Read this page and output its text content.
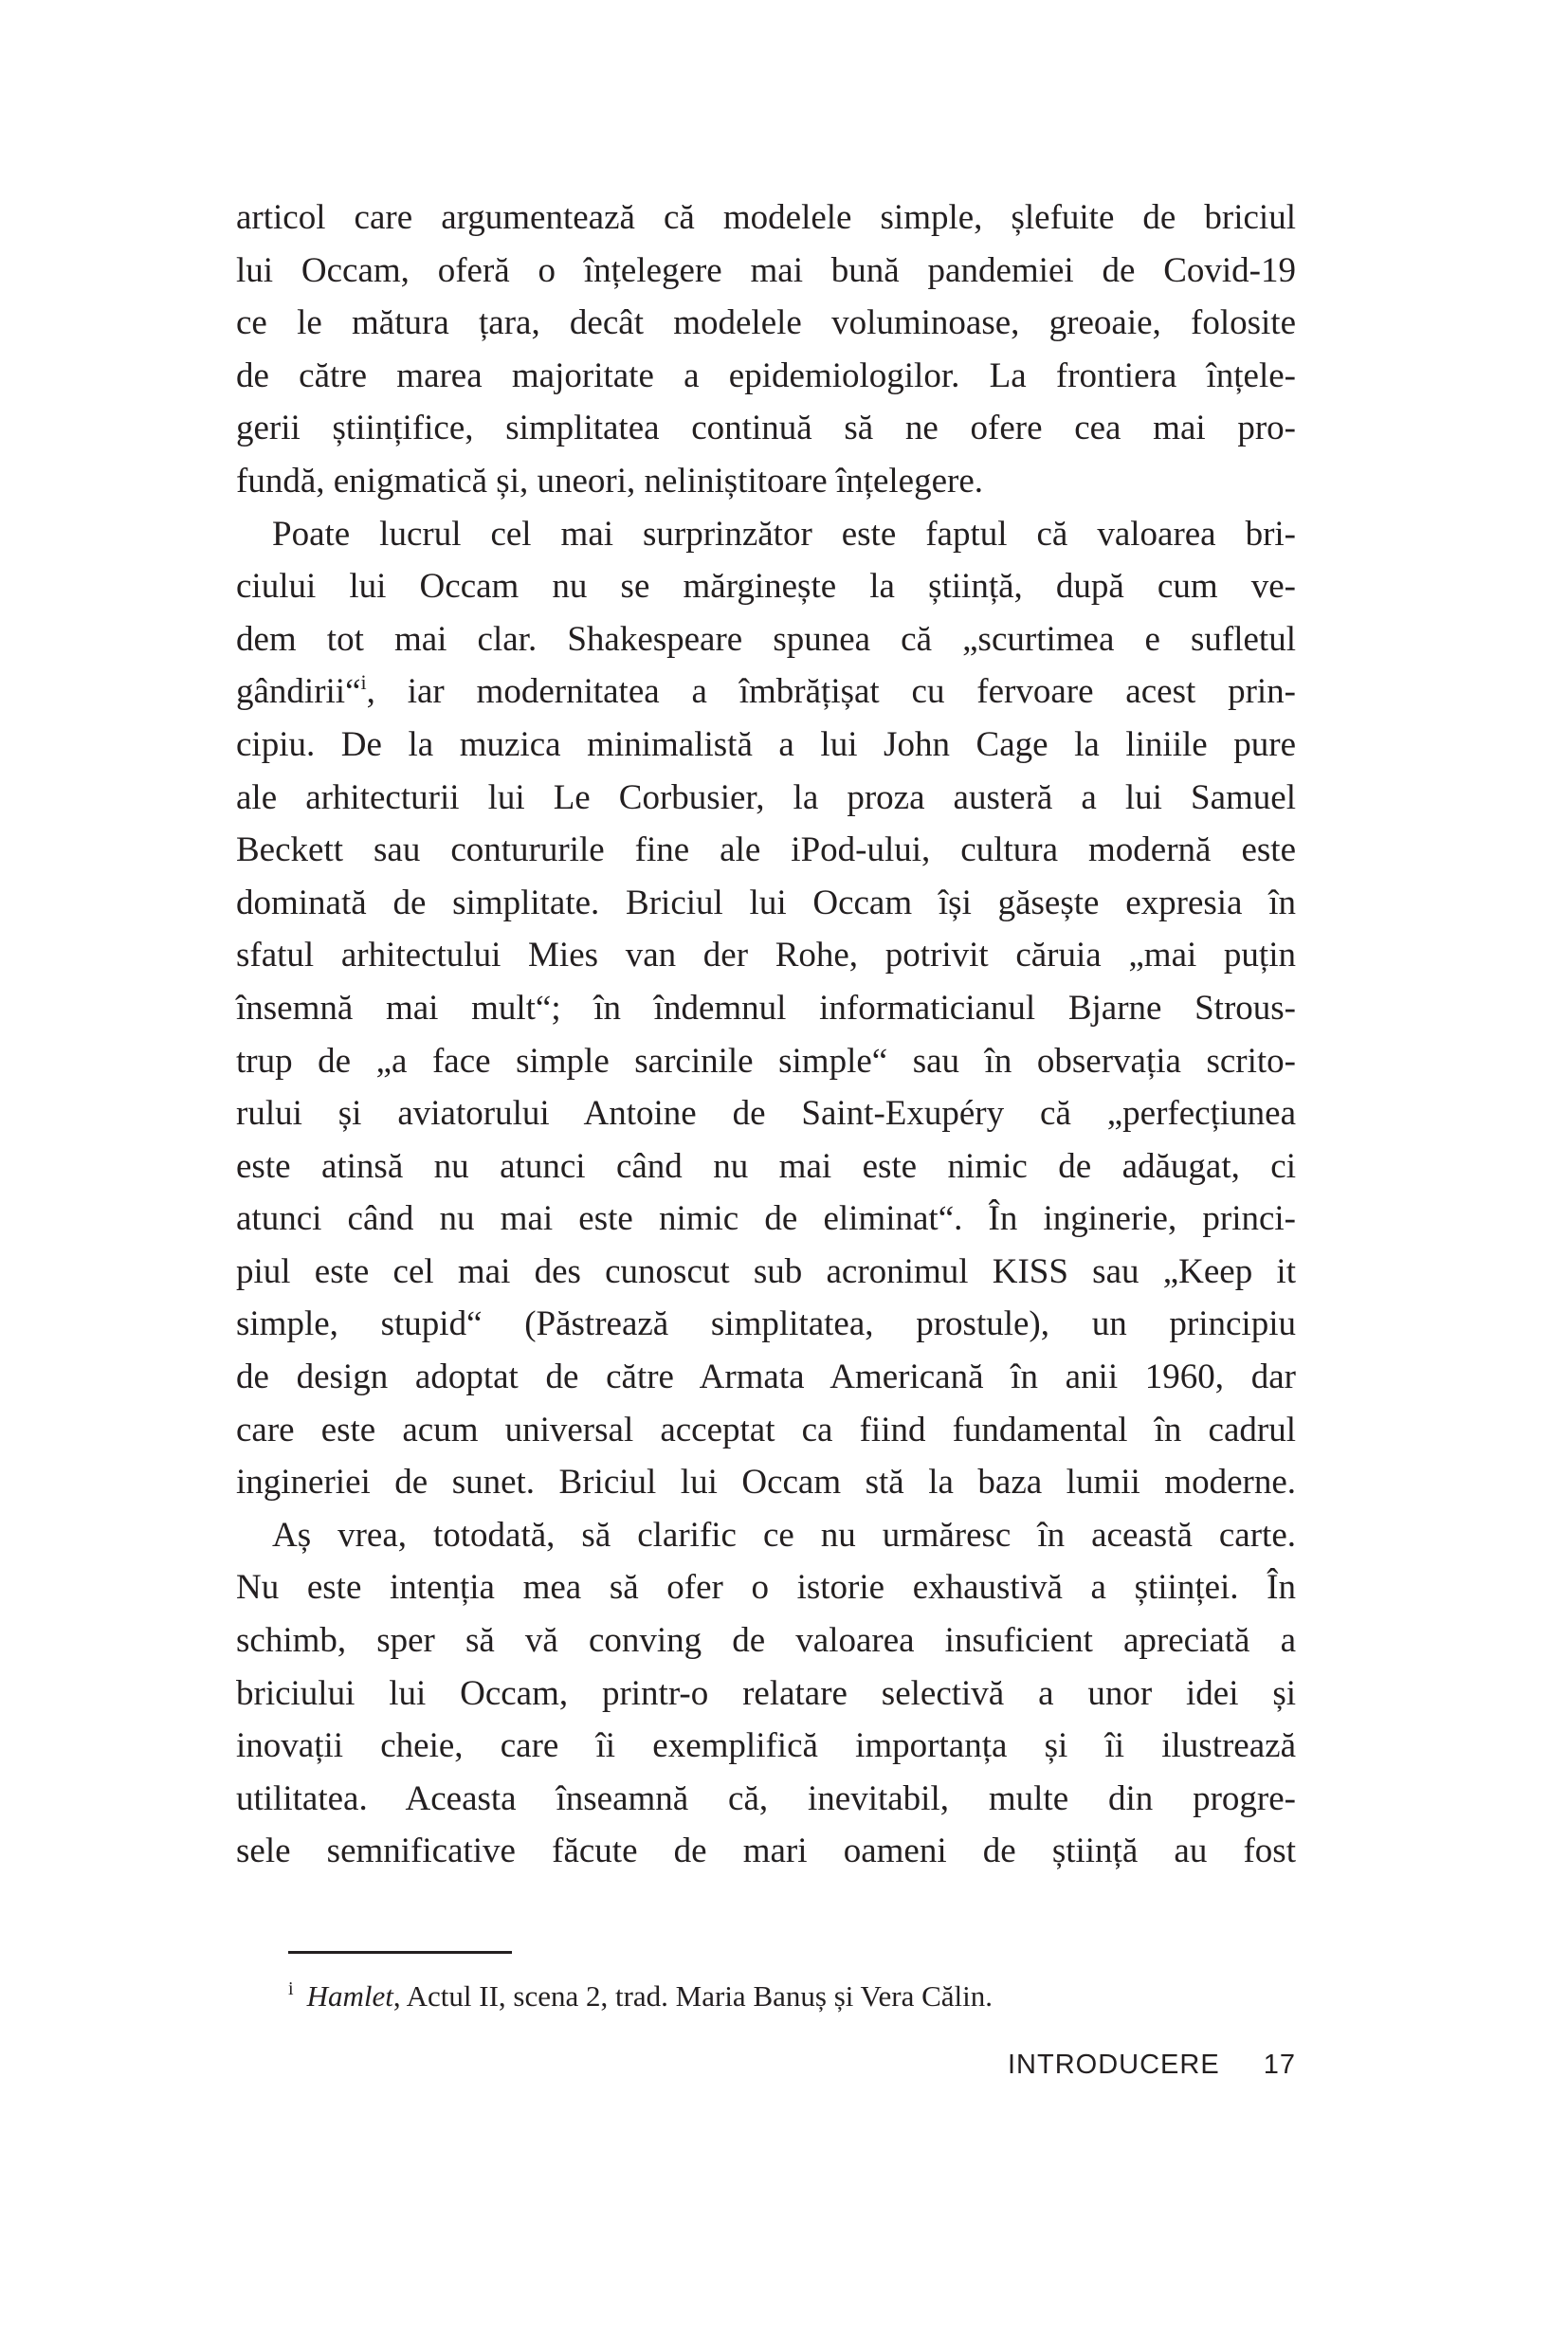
articol care argumentează că modelele simple, șlefuite de briciul
lui Occam, oferă o înțelegere mai bună pandemiei de Covid-19
ce le mătura țara, decât modelele voluminoase, greoaie, folosite
de către marea majoritate a epidemiologilor. La frontiera înțele-
gerii științifice, simplitatea continuă să ne ofere cea mai pro-
fundă, enigmatică și, uneori, neliniștitoare înțelegere.
Poate lucrul cel mai surprinzător este faptul că valoarea bri-
ciului lui Occam nu se mărginește la știință, după cum ve-
dem tot mai clar. Shakespeare spunea că „scurtimea e sufletul
gândirii“$^i$, iar modernitatea a îmbrățișat cu fervoare acest prin-
cipiu. De la muzica minimalistă a lui John Cage la liniile pure
ale arhitecturii lui Le Corbusier, la proza austeră a lui Samuel
Beckett sau contururile fine ale iPod-ului, cultura modernă este
dominată de simplitate. Briciul lui Occam își găsește expresia în
sfatul arhitectului Mies van der Rohe, potrivit căruia „mai puțin
însemnă mai mult“; în îndemnul informaticianul Bjarne Strous-
trup de „a face simple sarcinile simple“ sau în observația scrito-
rului și aviatorului Antoine de Saint-Exupéry că „perfecțiunea
este atinsă nu atunci când nu mai este nimic de adăugat, ci
atunci când nu mai este nimic de eliminat“. În inginerie, princi-
piul este cel mai des cunoscut sub acronimul KISS sau „Keep it
simple, stupid“ (Păstrează simplitatea, prostule), un principiu
de design adoptat de către Armata Americană în anii 1960, dar
care este acum universal acceptat ca fiind fundamental în cadrul
ingineriei de sunet. Briciul lui Occam stă la baza lumii moderne.
Aș vrea, totodată, să clarific ce nu urmăresc în această carte.
Nu este intenția mea să ofer o istorie exhaustivă a științei. În
schimb, sper să vă conving de valoarea insuficient apreciată a
briciului lui Occam, printr-o relatare selectivă a unor idei și
inovații cheie, care îi exemplifică importanța și îi ilustrează
utilitatea. Aceasta înseamnă că, inevitabil, multe din progre-
sele semnificative făcute de mari oameni de știință au fost
$^i$ Hamlet, Actul II, scena 2, trad. Maria Banuș și Vera Călin.
INTRODUCERE 17
